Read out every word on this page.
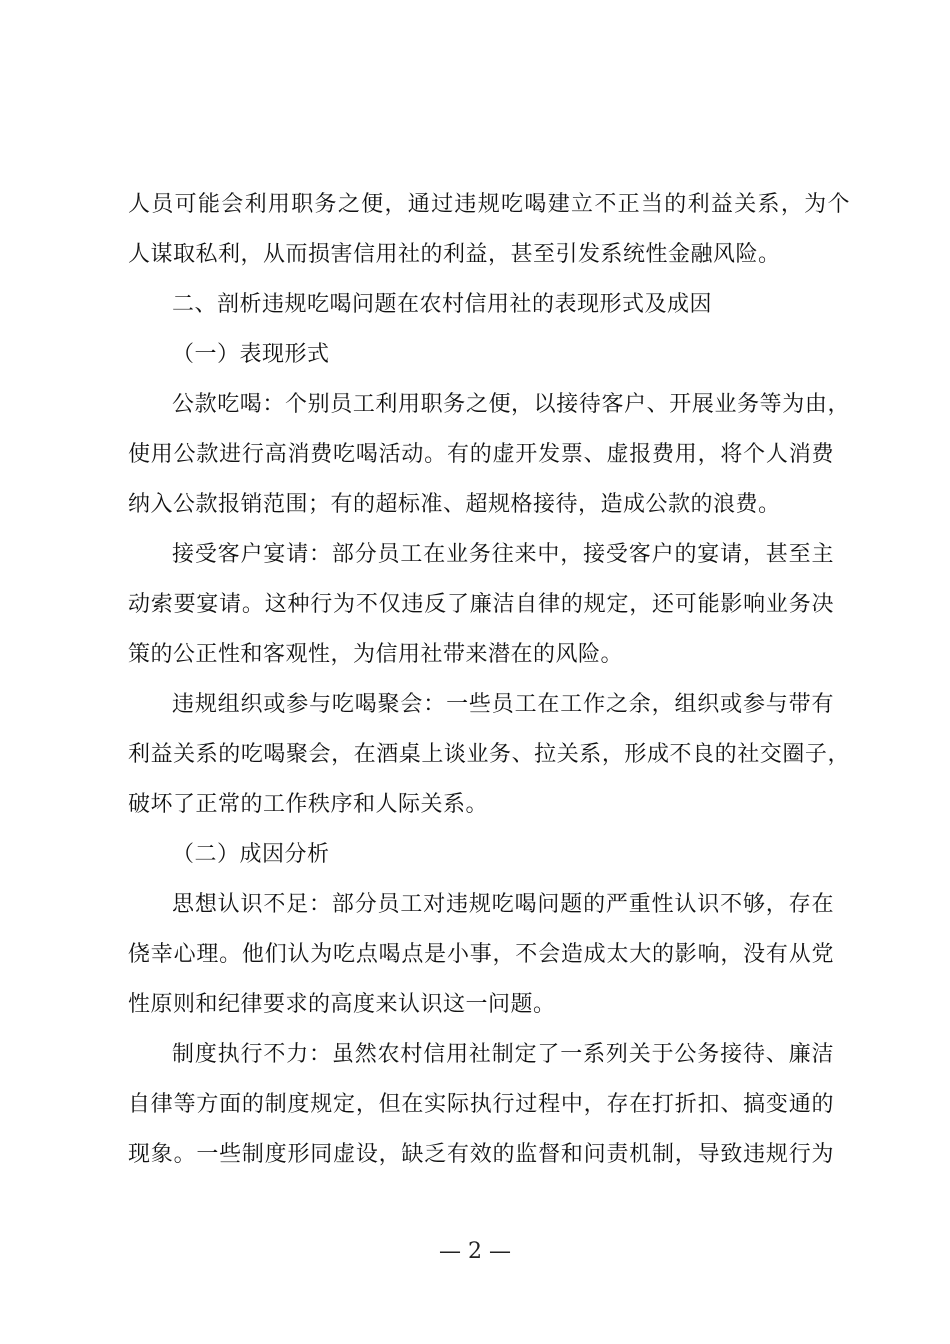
人员可能会利用职务之便，通过违规吃喝建立不正当的利益关系，为个
人谋取私利，从而损害信用社的利益，甚至引发系统性金融风险。
二、剖析违规吃喝问题在农村信用社的表现形式及成因
（一）表现形式
公款吃喝：个别员工利用职务之便，以接待客户、开展业务等为由，
使用公款进行高消费吃喝活动。有的虚开发票、虚报费用，将个人消费
纳入公款报销范围；有的超标准、超规格接待，造成公款的浪费。
接受客户宴请：部分员工在业务往来中，接受客户的宴请，甚至主
动索要宴请。这种行为不仅违反了廉洁自律的规定，还可能影响业务决
策的公正性和客观性，为信用社带来潜在的风险。
违规组织或参与吃喝聚会：一些员工在工作之余，组织或参与带有
利益关系的吃喝聚会，在酒桌上谈业务、拉关系，形成不良的社交圈子，
破坏了正常的工作秩序和人际关系。
（二）成因分析
思想认识不足：部分员工对违规吃喝问题的严重性认识不够，存在
侥幸心理。他们认为吃点喝点是小事，不会造成太大的影响，没有从党
性原则和纪律要求的高度来认识这一问题。
制度执行不力：虽然农村信用社制定了一系列关于公务接待、廉洁
自律等方面的制度规定，但在实际执行过程中，存在打折扣、搞变通的
现象。一些制度形同虚设，缺乏有效的监督和问责机制，导致违规行为
— 2 —
